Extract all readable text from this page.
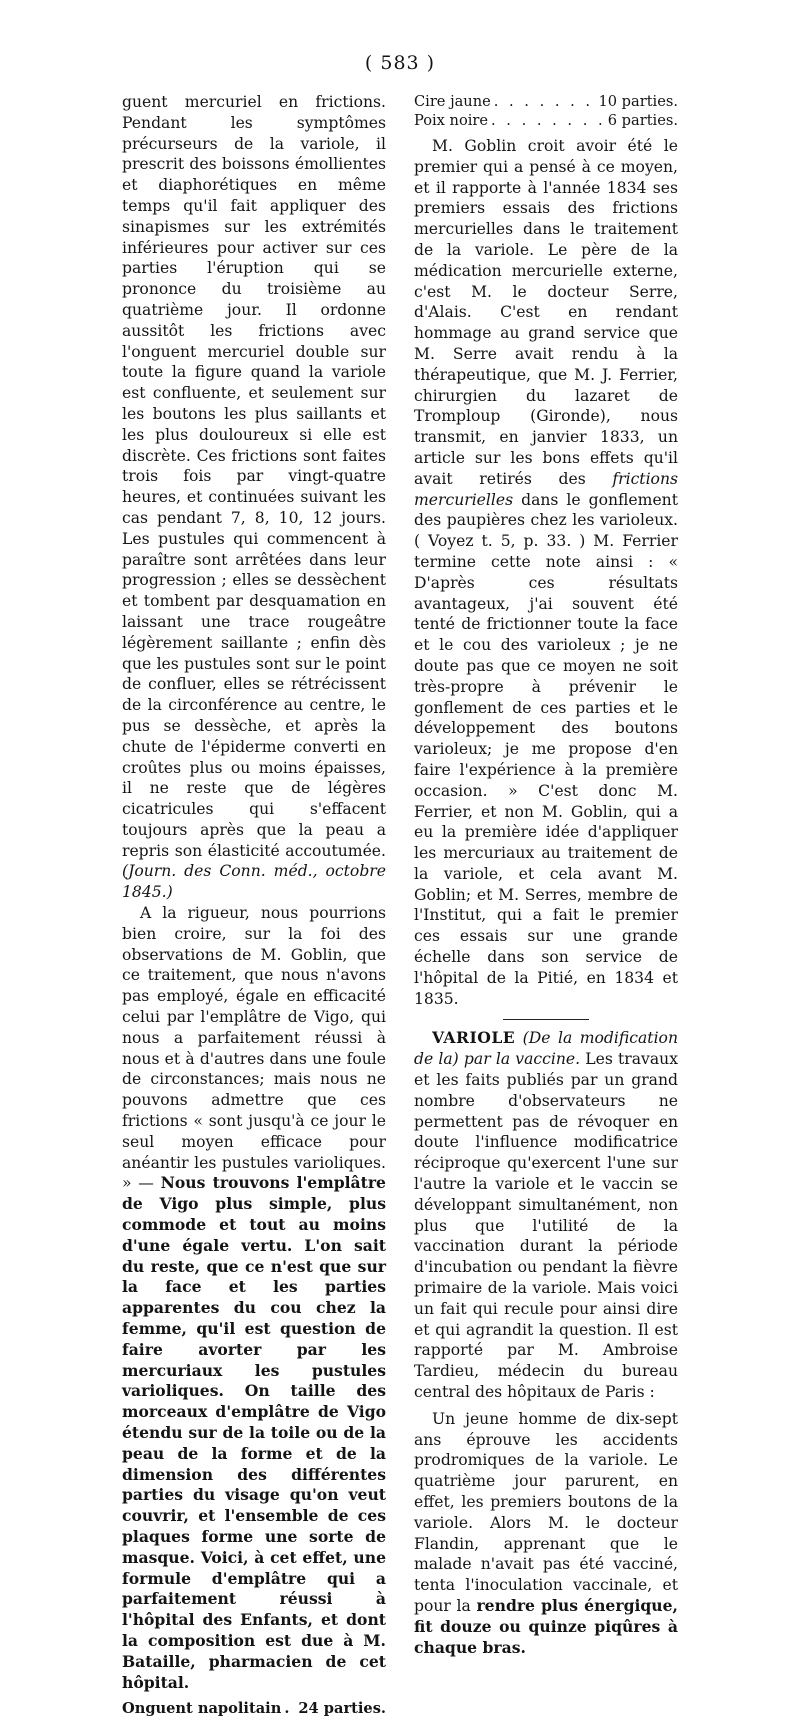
( 583 )

guent mercuriel en frictions. Pendant les symptômes précurseurs de la variole, il prescrit des boissons émollientes et diaphorétiques en même temps qu'il fait appliquer des sinapismes sur les extrémités inférieures pour activer sur ces parties l'éruption qui se prononce du troisième au quatrième jour. Il ordonne aussitôt les frictions avec l'onguent mercuriel double sur toute la figure quand la variole est confluente, et seulement sur les boutons les plus saillants et les plus douloureux si elle est discrète. Ces frictions sont faites trois fois par vingt-quatre heures, et continuées suivant les cas pendant 7, 8, 10, 12 jours. Les pustules qui commencent à paraître sont arrêtées dans leur progression ; elles se dessèchent et tombent par desquamation en laissant une trace rougeâtre légèrement saillante ; enfin dès que les pustules sont sur le point de confluer, elles se rétrécissent de la circonférence au centre, le pus se dessèche, et après la chute de l'épiderme converti en croûtes plus ou moins épaisses, il ne reste que de légères cicatricules qui s'effacent toujours après que la peau a repris son élasticité accoutumée. (Journ. des Conn. méd., octobre 1845.)

A la rigueur, nous pourrions bien croire, sur la foi des observations de M. Goblin, que ce traitement, que nous n'avons pas employé, égale en efficacité celui par l'emplâtre de Vigo, qui nous a parfaitement réussi à nous et à d'autres dans une foule de circonstances; mais nous ne pouvons admettre que ces frictions « sont jusqu'à ce jour le seul moyen efficace pour anéantir les pustules varioliques. » — Nous trouvons l'emplâtre de Vigo plus simple, plus commode et tout au moins d'une égale vertu. L'on sait du reste, que ce n'est que sur la face et les parties apparentes du cou chez la femme, qu'il est question de faire avorter par les mercuriaux les pustules varioliques. On taille des morceaux d'emplâtre de Vigo étendu sur de la toile ou de la peau de la forme et de la dimension des différentes parties du visage qu'on veut couvrir, et l'ensemble de ces plaques forme une sorte de masque. Voici, à cet effet, une formule d'emplâtre qui a parfaitement réussi à l'hôpital des Enfants, et dont la composition est due à M. Bataille, pharmacien de cet hôpital.

Onguent napolitain . . . 24 parties.
Cire jaune . . .	10 parties.
Poix noire . . .	6 parties.

M. Goblin croit avoir été le premier qui a pensé à ce moyen, et il rapporte à l'année 1834 ses premiers essais des frictions mercurielles dans le traitement de la variole. Le père de la médication mercurielle externe, c'est M. le docteur Serre, d'Alais. C'est en rendant hommage au grand service que M. Serre avait rendu à la thérapeutique, que M. J. Ferrier, chirurgien du lazaret de Tromploup (Gironde), nous transmit, en janvier 1833, un article sur les bons effets qu'il avait retirés des frictions mercurielles dans le gonflement des paupières chez les varioleux. ( Voyez t. 5, p. 33. ) M. Ferrier termine cette note ainsi : « D'après ces résultats avantageux, j'ai souvent été tenté de frictionner toute la face et le cou des varioleux ; je ne doute pas que ce moyen ne soit très-propre à prévenir le gonflement de ces parties et le développement des boutons varioleux; je me propose d'en faire l'expérience à la première occasion. » C'est donc M. Ferrier, et non M. Goblin, qui a eu la première idée d'appliquer les mercuriaux au traitement de la variole, et cela avant M. Goblin; et M. Serres, membre de l'Institut, qui a fait le premier ces essais sur une grande échelle dans son service de l'hôpital de la Pitié, en 1834 et 1835.

VARIOLE (De la modification de la) par la vaccine. Les travaux et les faits publiés par un grand nombre d'observateurs ne permettent pas de révoquer en doute l'influence modificatrice réciproque qu'exercent l'une sur l'autre la variole et le vaccin se développant simultanément, non plus que l'utilité de la vaccination durant la période d'incubation ou pendant la fièvre primaire de la variole. Mais voici un fait qui recule pour ainsi dire et qui agrandit la question. Il est rapporté par M. Ambroise Tardieu, médecin du bureau central des hôpitaux de Paris :

Un jeune homme de dix-sept ans éprouve les accidents prodromiques de la variole. Le quatrième jour parurent, en effet, les premiers boutons de la variole. Alors M. le docteur Flandin, apprenant que le malade n'avait pas été vacciné, tenta l'inoculation vaccinale, et pour la rendre plus énergique, fit douze ou quinze piqûres à chaque bras.
